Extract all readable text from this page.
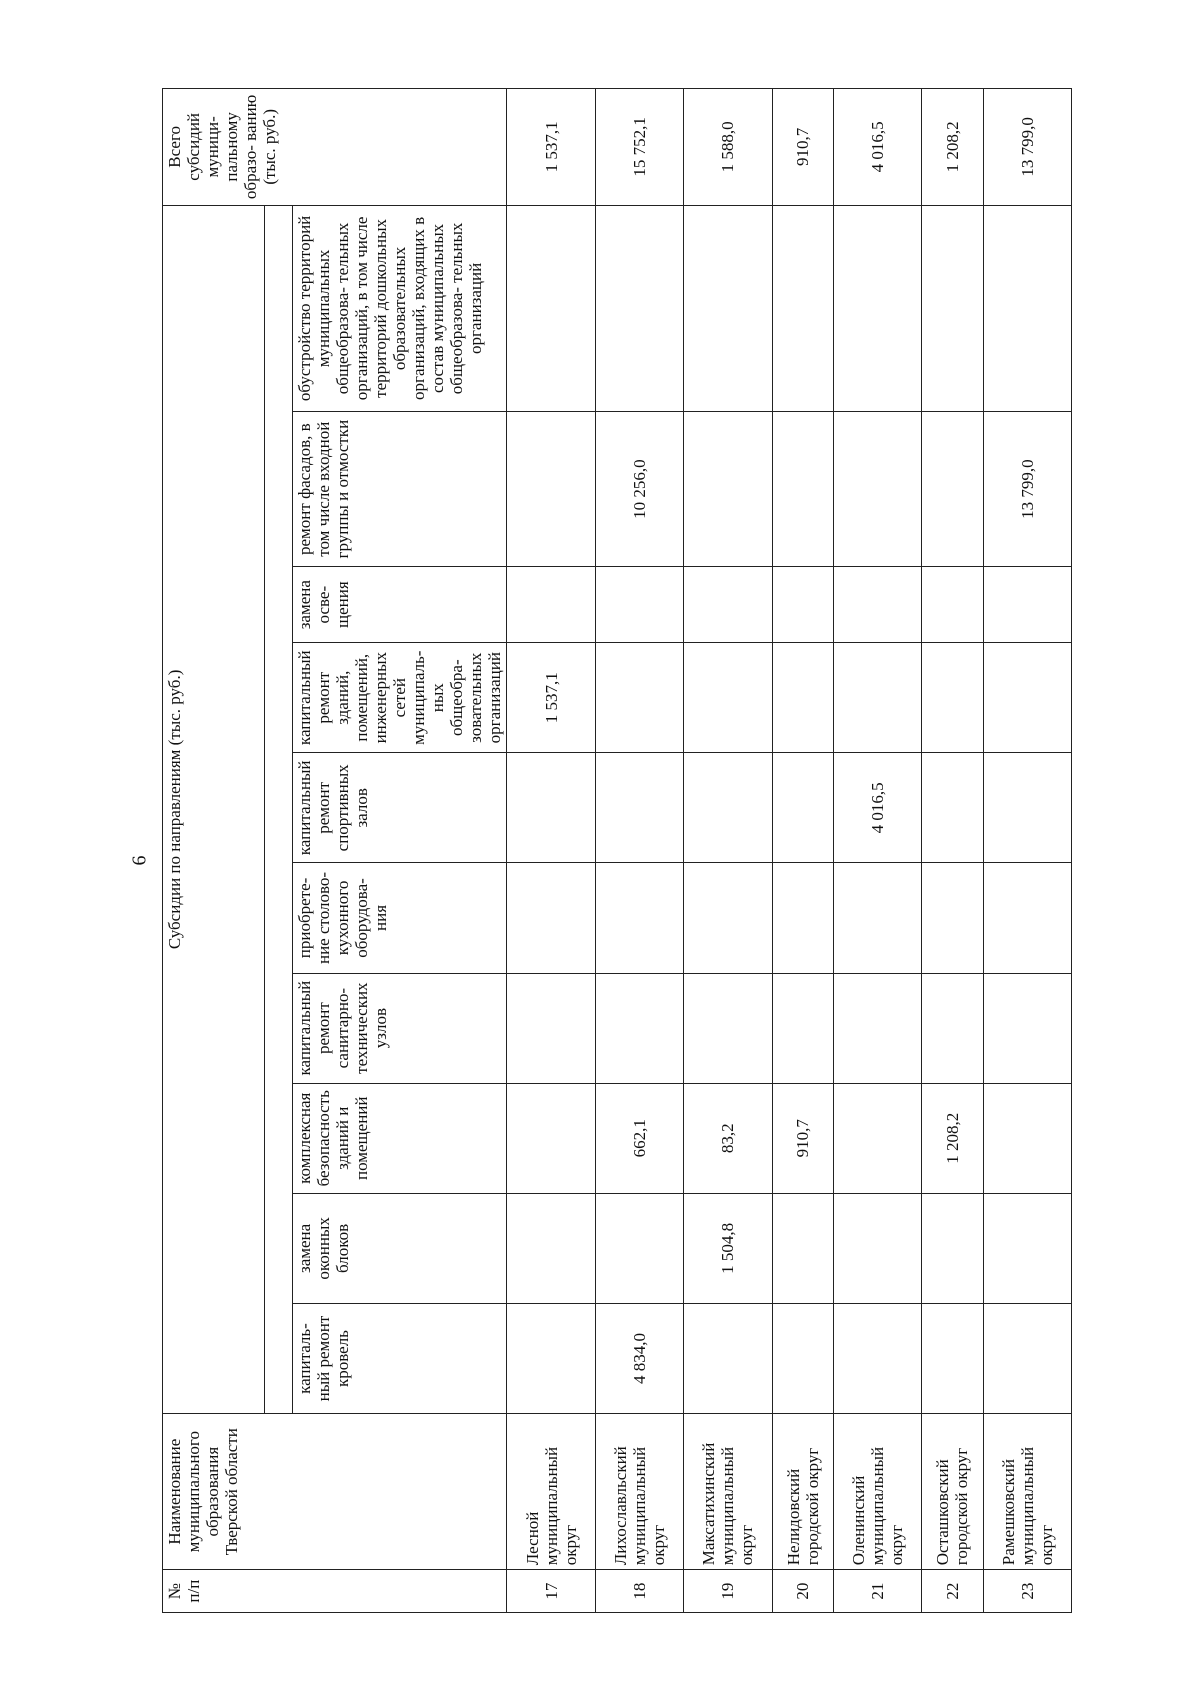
6
№ п/п	Наименование муниципального образования Тверской области	Субсидии по направлениям (тыс. руб.)										Всего субсидий муници- пальному образо- ванию (тыс. руб.)

		капиталь- ный ремонт кровель	замена оконных блоков	комплексная безопасность зданий и помещений	капитальный ремонт санитарно- технических узлов	приобрете- ние столово- кухонного оборудова- ния	капитальный ремонт спортивных залов	капитальный ремонт зданий, помещений, инженерных сетей муниципаль- ных общеобра- зовательных организаций	замена осве- щения	ремонт фасадов, в том числе входной группы и отмостки	обустройство территорий муниципальных общеобразова- тельных организаций, в том числе территорий дошкольных образовательных организаций, входящих в состав муниципальных общеобразова- тельных организаций	
17	Лесной муниципальный округ							1 537,1				1 537,1
18	Лихославльский муниципальный округ	4 834,0		662,1						10 256,0		15 752,1
19	Максатихинский муниципальный округ		1 504,8	83,2								1 588,0
20	Нелидовский городской округ			910,7								910,7
21	Оленинский муниципальный округ						4 016,5					4 016,5
22	Осташковский городской округ			1 208,2								1 208,2
23	Рамешковский муниципальный округ									13 799,0		13 799,0
